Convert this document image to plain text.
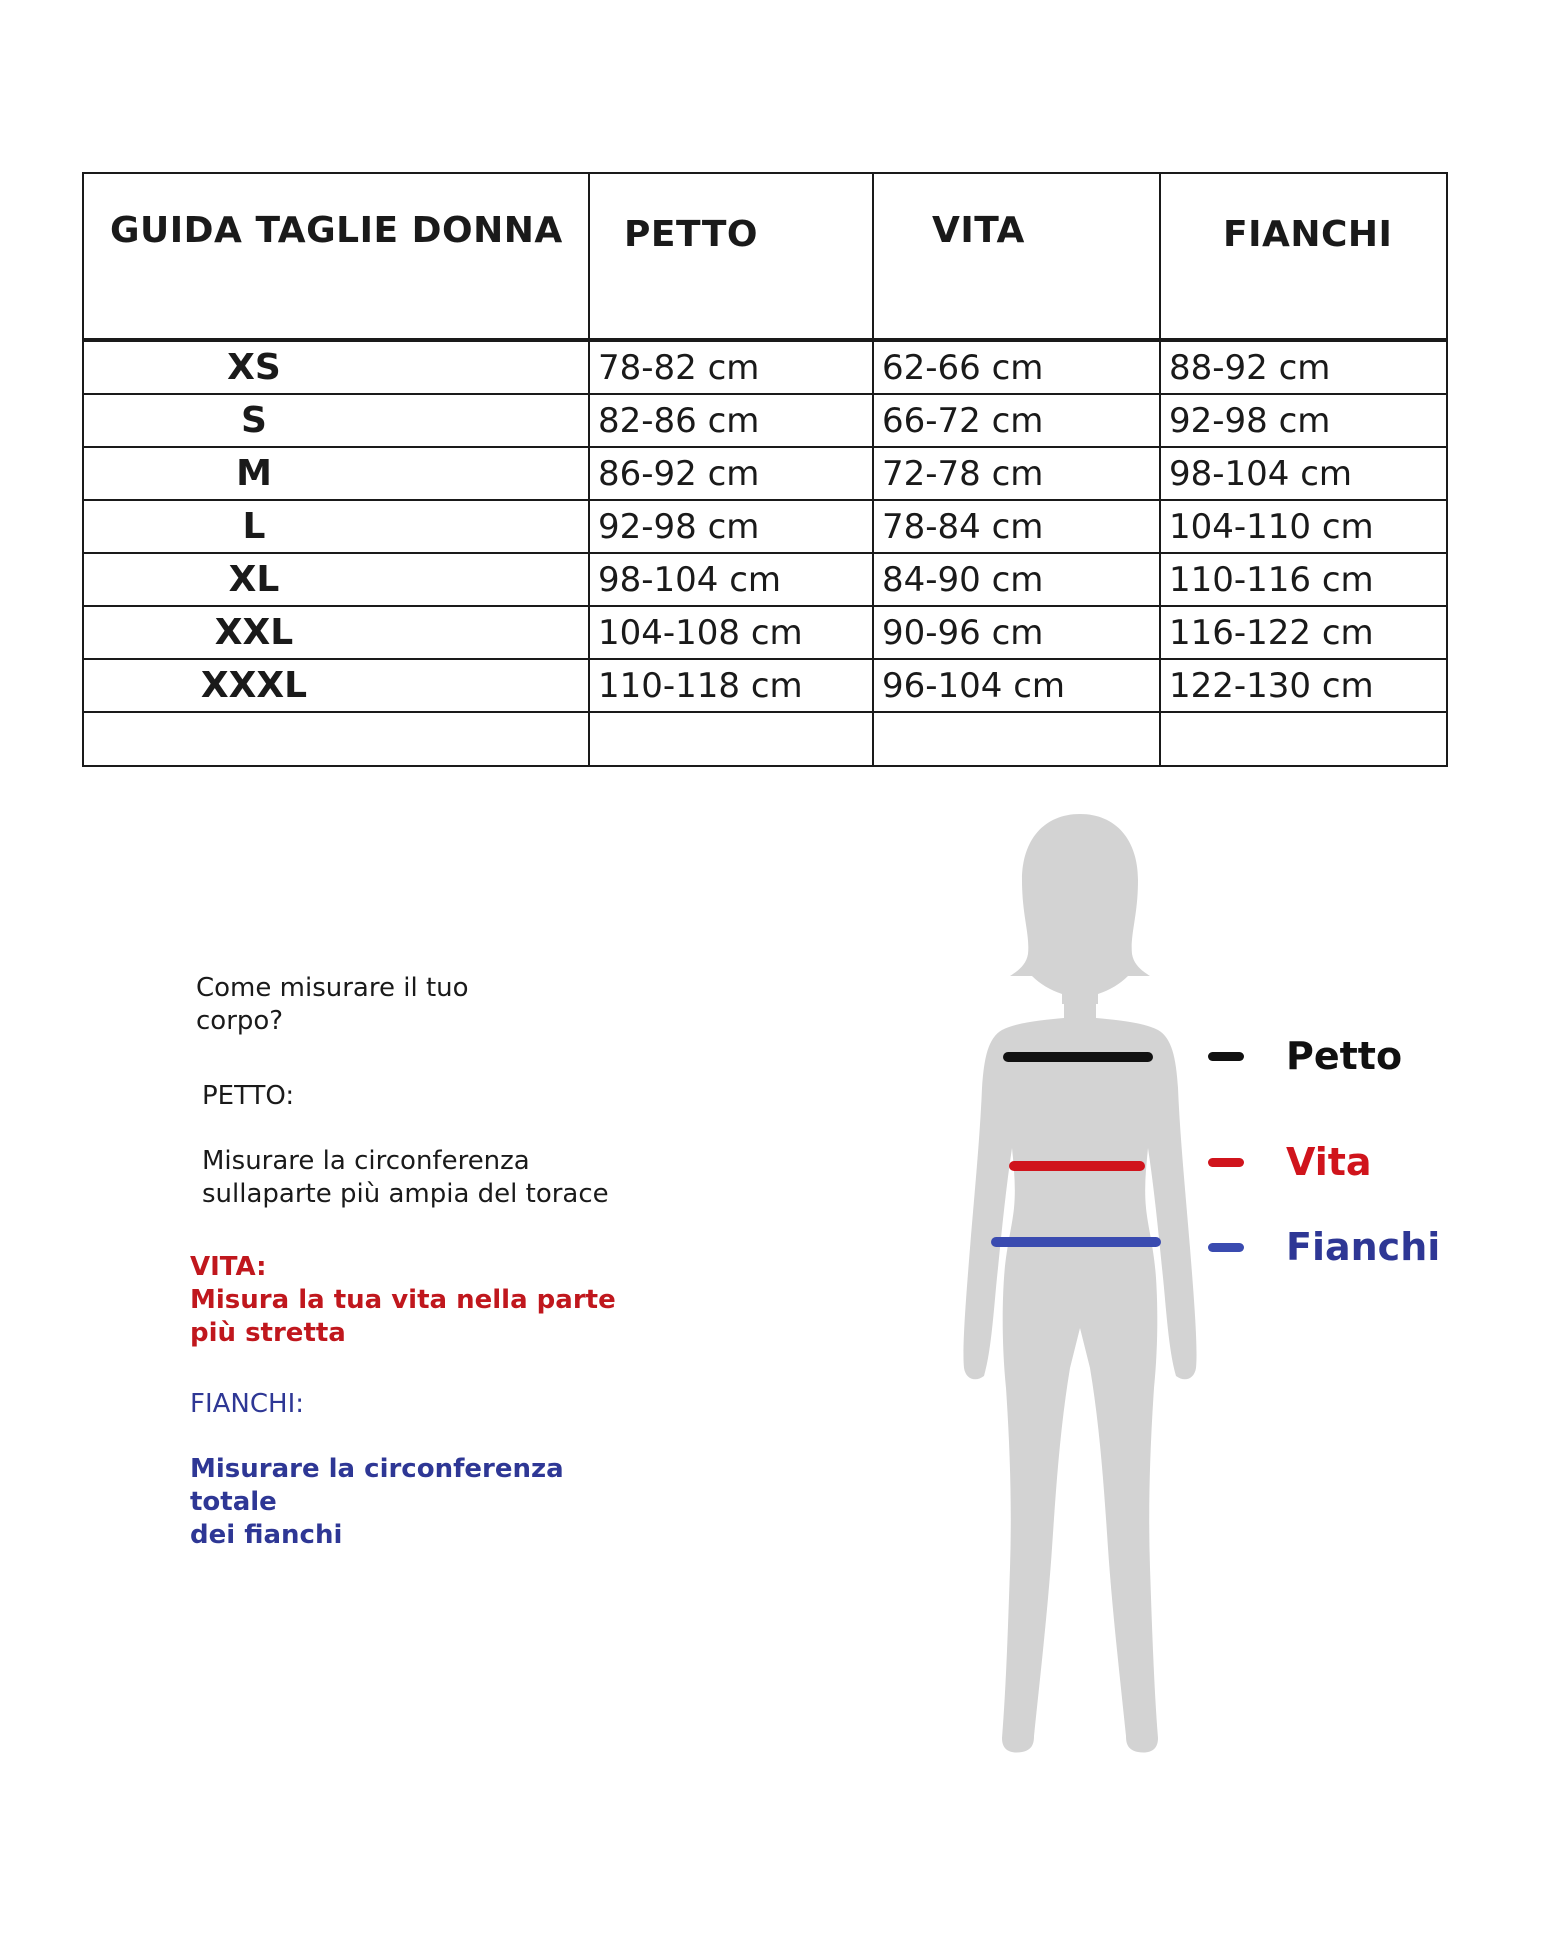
GUIDA TAGLIE DONNA	PETTO	VITA	FIANCHI
XS	78-82 cm	62-66 cm	88-92 cm
S	82-86 cm	66-72 cm	92-98 cm
M	86-92 cm	72-78 cm	98-104 cm
L	92-98 cm	78-84 cm	104-110 cm
XL	98-104 cm	84-90 cm	110-116 cm
XXL	104-108 cm	90-96 cm	116-122 cm
XXXL	110-118 cm	96-104 cm	122-130 cm

Come misurare il tuo
corpo?

PETTO:

Misurare la circonferenza
sullaparte più ampia del torace

VITA:

Misura la tua vita nella parte
più stretta

FIANCHI:

Misurare la circonferenza totale
dei fianchi

Petto
Vita
Fianchi
